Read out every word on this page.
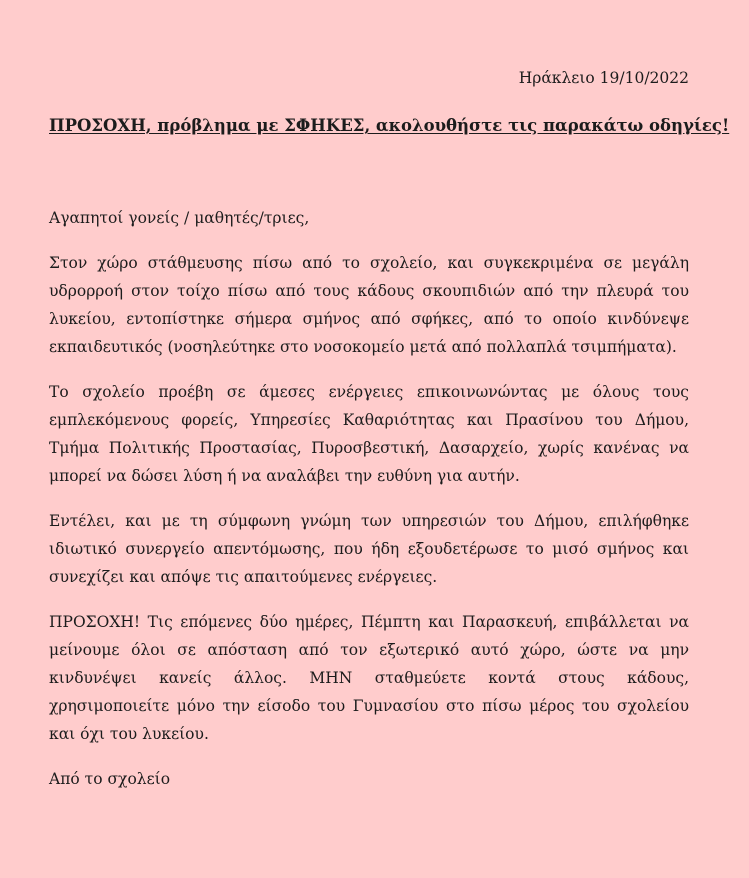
Ηράκλειο 19/10/2022
ΠΡΟΣΟΧΗ, πρόβλημα με ΣΦΗΚΕΣ, ακολουθήστε τις παρακάτω οδηγίες!

Αγαπητοί γονείς / μαθητές/τριες,

Στον χώρο στάθμευσης πίσω από το σχολείο, και συγκεκριμένα σε μεγάλη υδρορροή στον τοίχο πίσω από τους κάδους σκουπιδιών από την πλευρά του λυκείου, εντοπίστηκε σήμερα σμήνος από σφήκες, από το οποίο κινδύνεψε εκπαιδευτικός (νοσηλεύτηκε στο νοσοκομείο μετά από πολλαπλά τσιμπήματα).

Το σχολείο προέβη σε άμεσες ενέργειες επικοινωνώντας με όλους τους εμπλεκόμενους φορείς, Υπηρεσίες Καθαριότητας και Πρασίνου του Δήμου, Τμήμα Πολιτικής Προστασίας, Πυροσβεστική, Δασαρχείο, χωρίς κανένας να μπορεί να δώσει λύση ή να αναλάβει την ευθύνη για αυτήν.

Εντέλει, και με τη σύμφωνη γνώμη των υπηρεσιών του Δήμου, επιλήφθηκε ιδιωτικό συνεργείο απεντόμωσης, που ήδη εξουδετέρωσε το μισό σμήνος και συνεχίζει και απόψε τις απαιτούμενες ενέργειες.

ΠΡΟΣΟΧΗ! Τις επόμενες δύο ημέρες, Πέμπτη και Παρασκευή, επιβάλλεται να μείνουμε όλοι σε απόσταση από τον εξωτερικό αυτό χώρο, ώστε να μην κινδυνέψει κανείς άλλος. ΜΗΝ σταθμεύετε κοντά στους κάδους, χρησιμοποιείτε μόνο την είσοδο του Γυμνασίου στο πίσω μέρος του σχολείου και όχι του λυκείου.

Από το σχολείο
